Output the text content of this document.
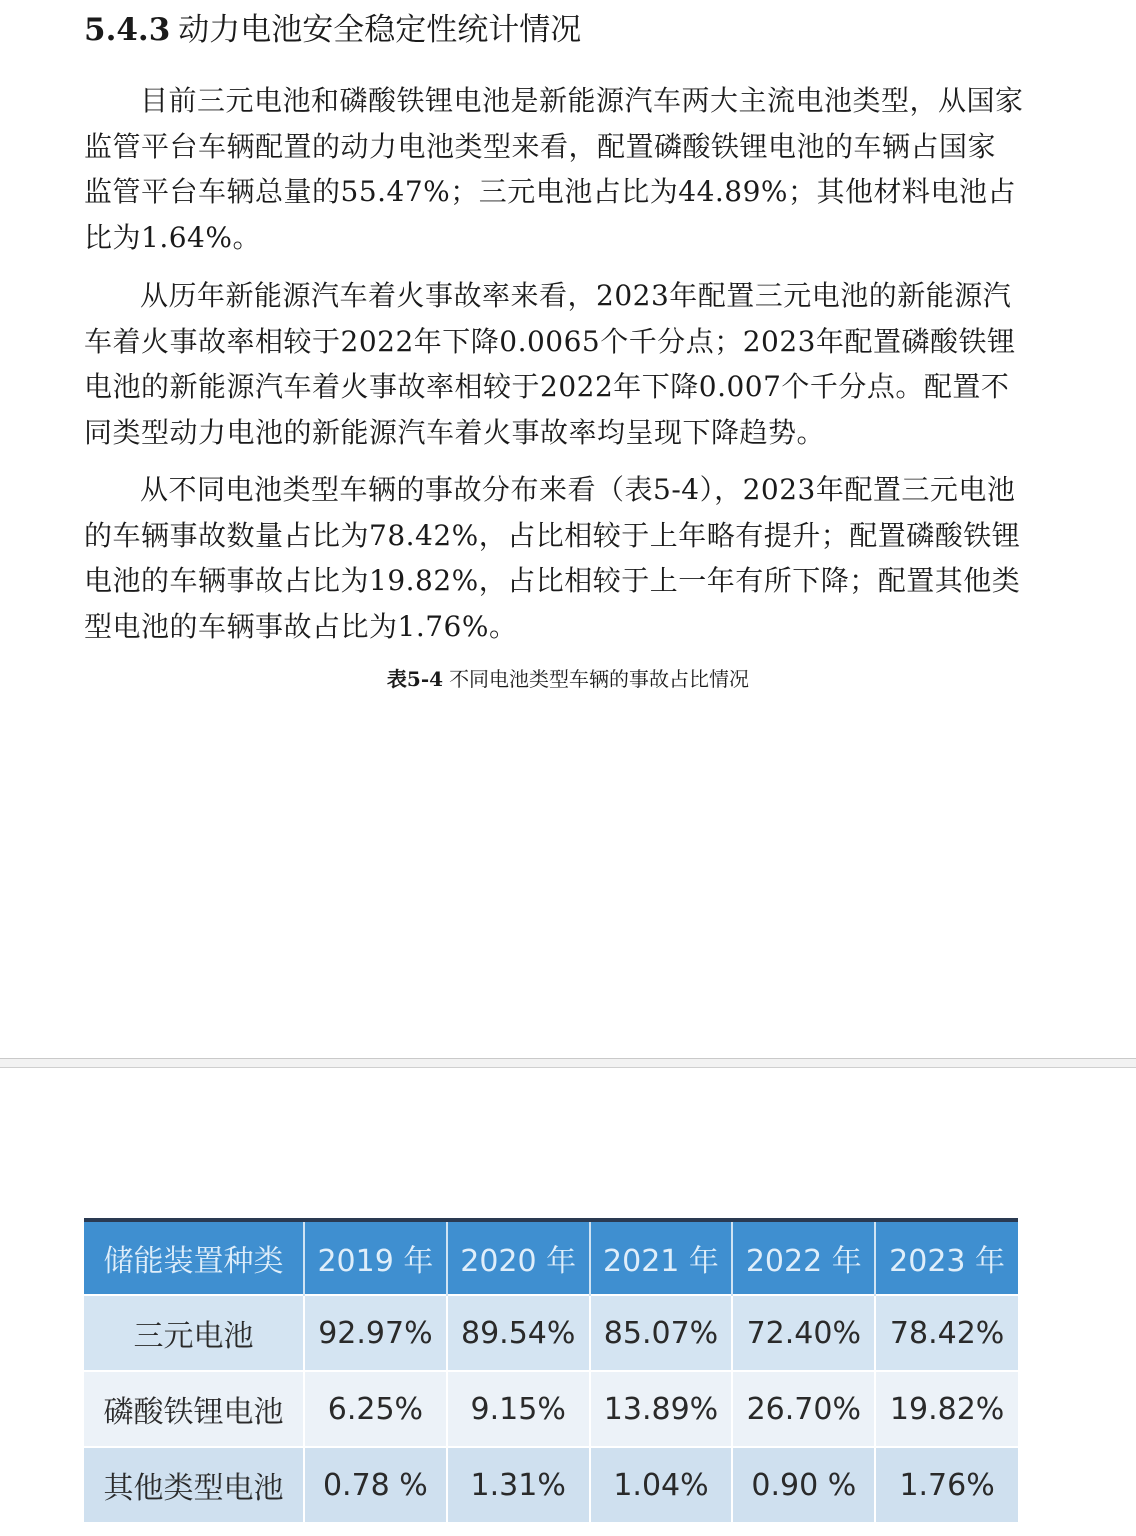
5.4.3 动力电池安全稳定性统计情况

目前三元电池和磷酸铁锂电池是新能源汽车两大主流电池类型，从国家监管平台车辆配置的动力电池类型来看，配置磷酸铁锂电池的车辆占国家监管平台车辆总量的55.47%；三元电池占比为44.89%；其他材料电池占比为1.64%。

从历年新能源汽车着火事故率来看，2023年配置三元电池的新能源汽车着火事故率相较于2022年下降0.0065个千分点；2023年配置磷酸铁锂电池的新能源汽车着火事故率相较于2022年下降0.007个千分点。配置不同类型动力电池的新能源汽车着火事故率均呈现下降趋势。

从不同电池类型车辆的事故分布来看（表5-4），2023年配置三元电池的车辆事故数量占比为78.42%，占比相较于上年略有提升；配置磷酸铁锂电池的车辆事故占比为19.82%，占比相较于上一年有所下降；配置其他类型电池的车辆事故占比为1.76%。

表5-4 不同电池类型车辆的事故占比情况
储能装置种类	2019 年	2020 年	2021 年	2022 年	2023 年
三元电池	92.97%	89.54%	85.07%	72.40%	78.42%
磷酸铁锂电池	6.25%	9.15%	13.89%	26.70%	19.82%
其他类型电池	0.78 %	1.31%	1.04%	0.90 %	1.76%
